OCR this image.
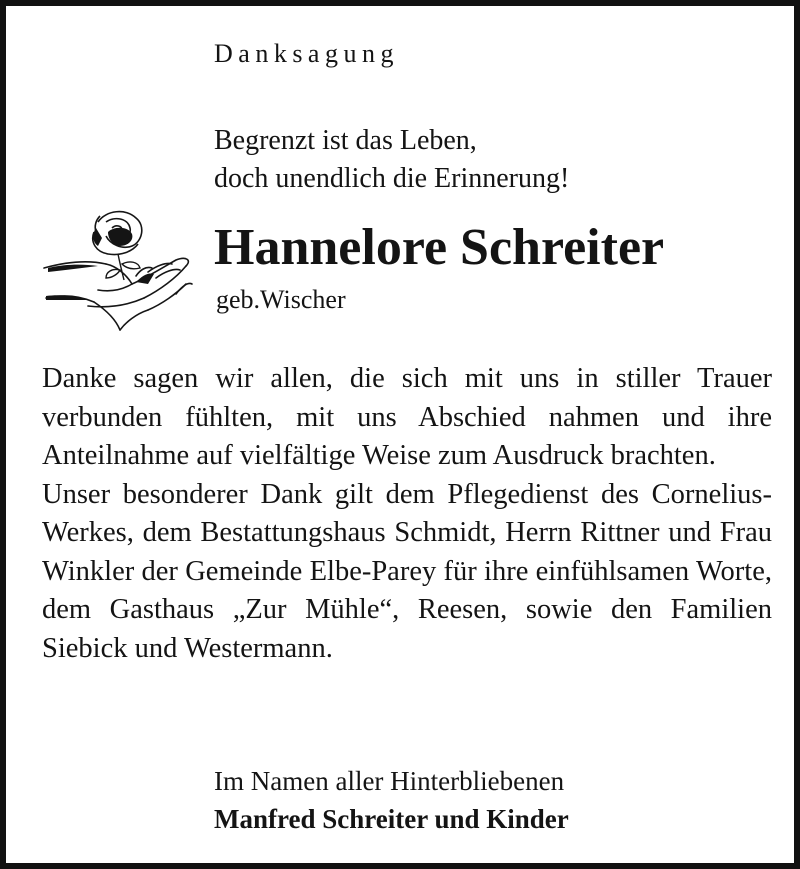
Danksagung
Begrenzt ist das Leben,
doch unendlich die Erinnerung!
Hannelore Schreiter
geb.Wischer

Danke sagen wir allen, die sich mit uns in stiller Trauer verbunden fühlten, mit uns Abschied nahmen und ihre Anteilnahme auf vielfältige Weise zum Ausdruck brachten.

Unser besonderer Dank gilt dem Pflegedienst des Cornelius-Werkes, dem Bestattungshaus Schmidt, Herrn Rittner und Frau Winkler der Gemeinde Elbe-Parey für ihre einfühlsamen Worte, dem Gasthaus „Zur Mühle“, Reesen, sowie den Familien Siebick und Westermann.

Im Namen aller Hinterbliebenen
Manfred Schreiter und Kinder
